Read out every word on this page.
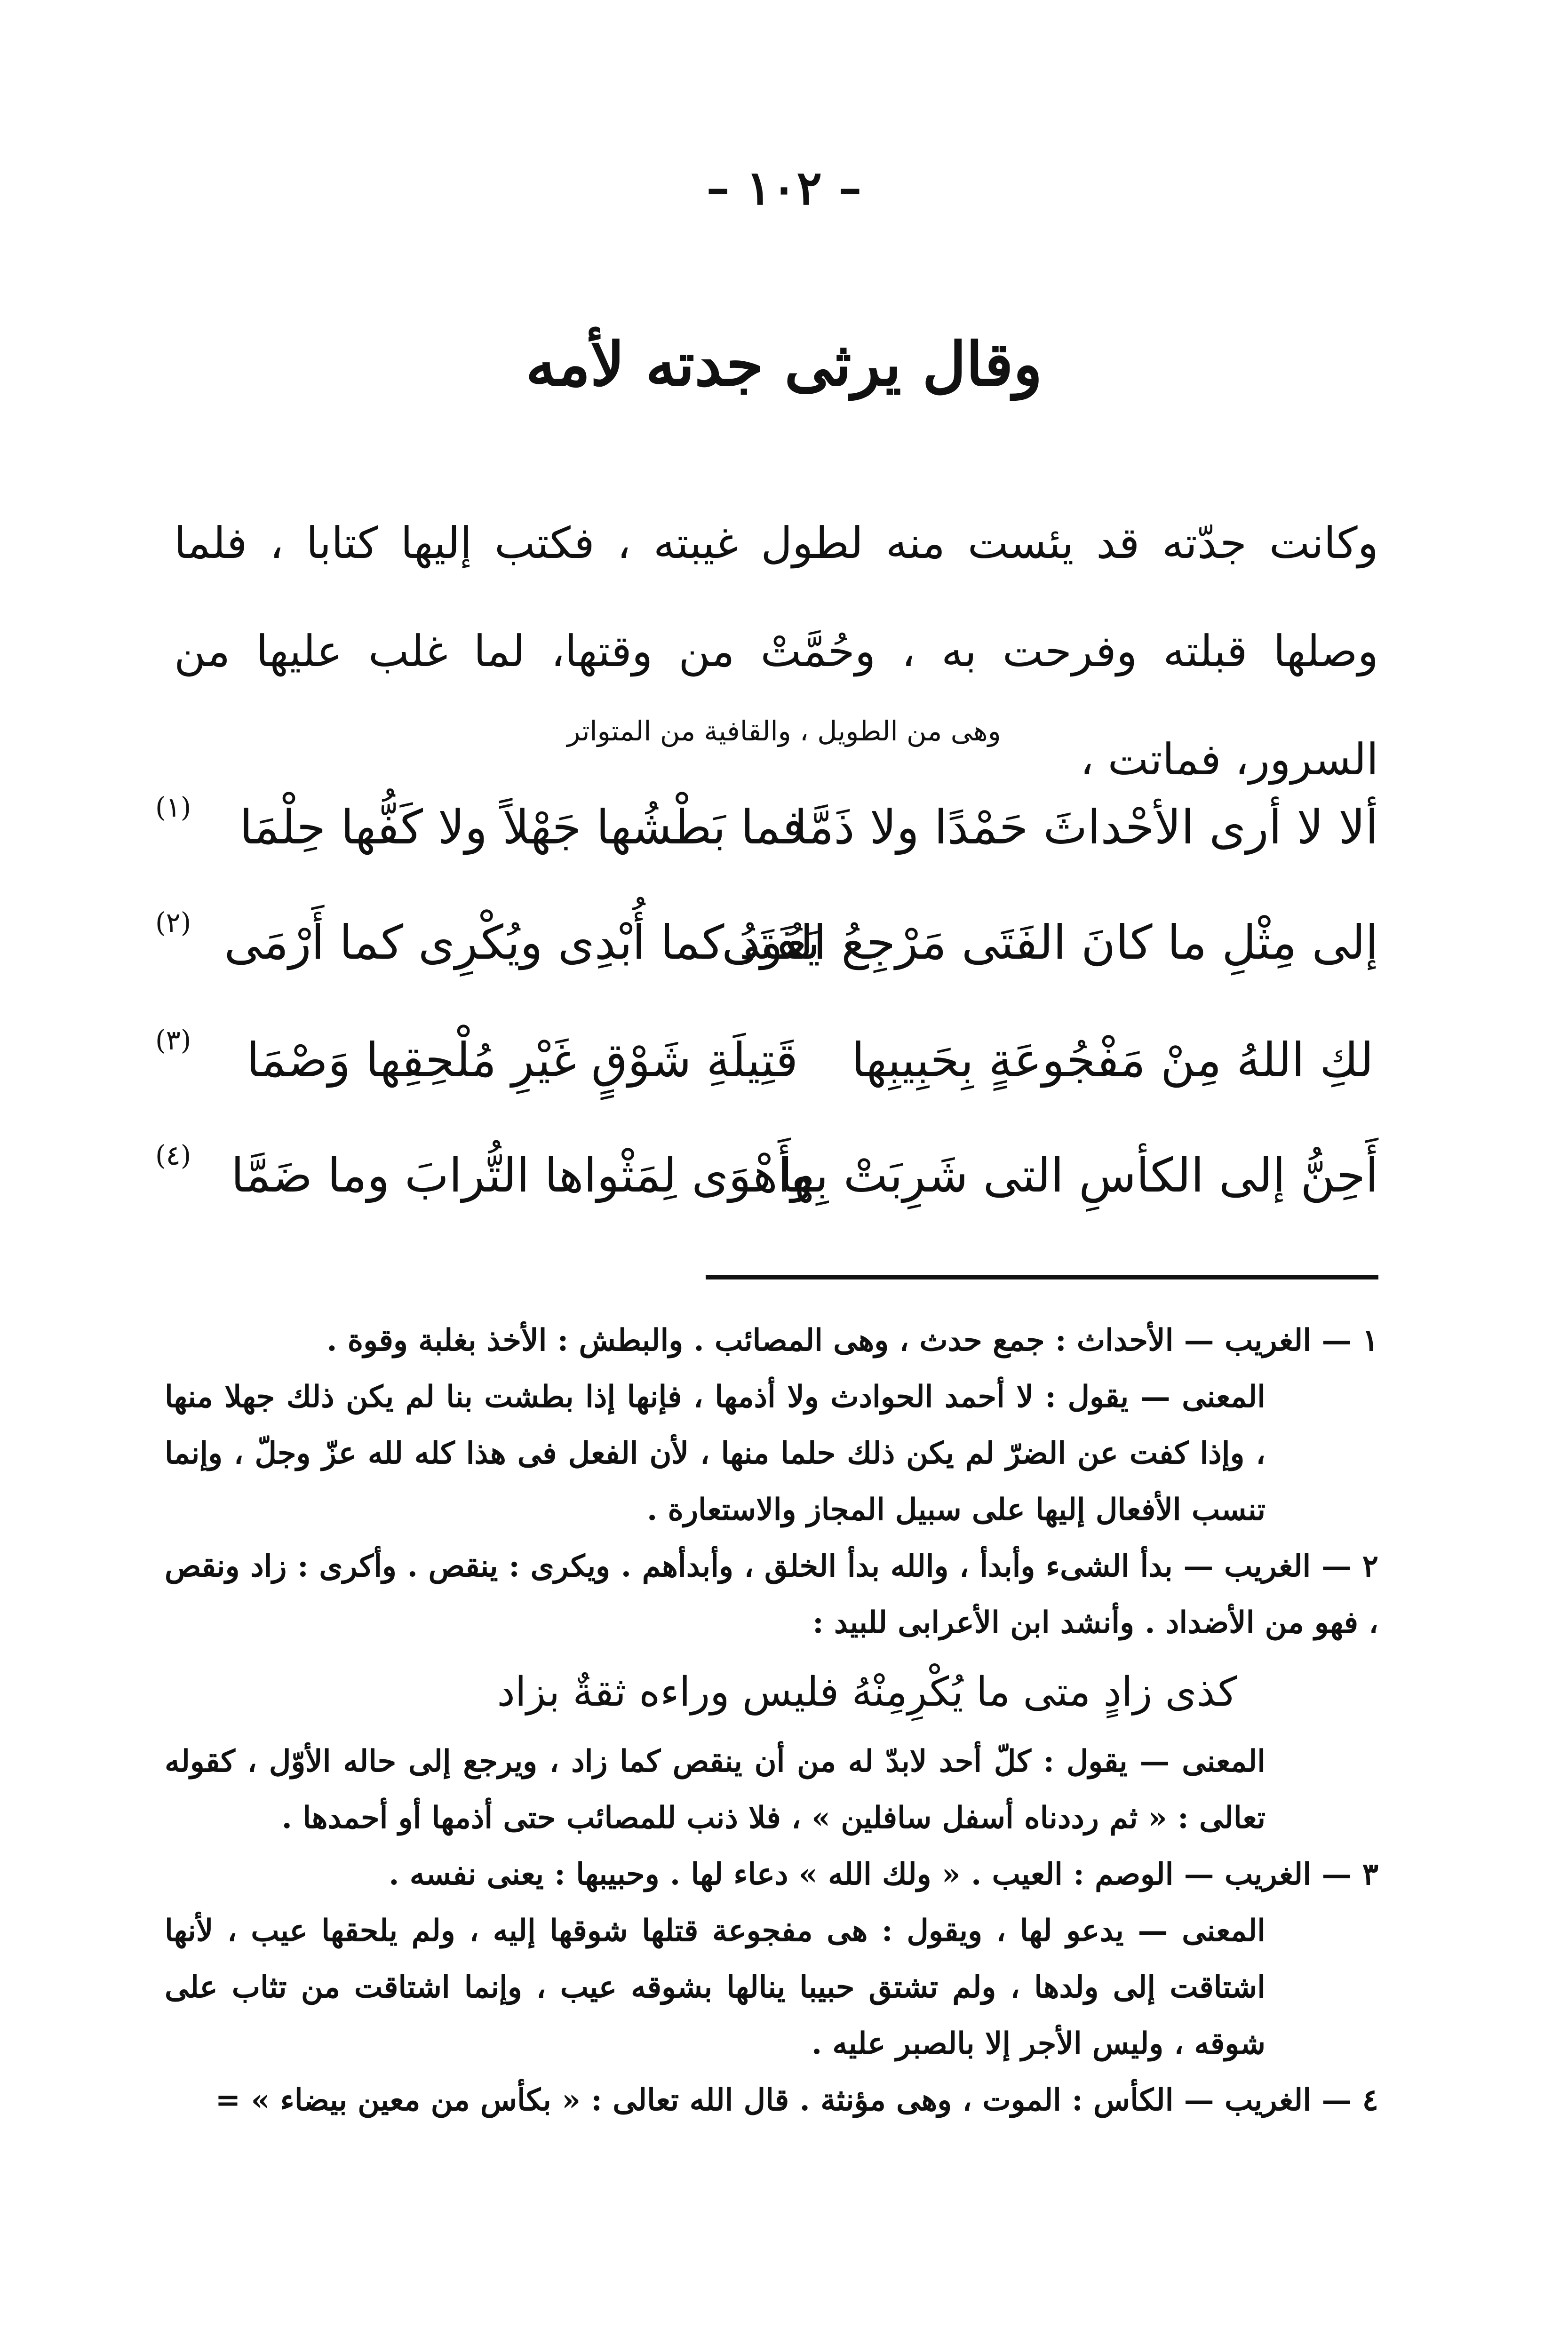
– ١٠٢ –
وقال يرثى جدته لأمه
وكانت جدّته قد يئست منه لطول غيبته ، فكتب إليها كتابا ، فلما وصلها قبلته وفرحت به ، وحُمَّتْ من وقتها، لما غلب عليها من السرور، فماتت ،
وهى من الطويل ، والقافية من المتواتر
ألا لا أرى الأحْداثَ حَمْدًا ولا ذَمَّا
فما بَطْشُها جَهْلاً ولا كَفُّها حِلْمَا
(١)
إلى مِثْلِ ما كانَ الفَتَى مَرْجِعُ الفَتَى
يَعُودُ كما أُبْدِى ويُكْرِى كما أَرْمَى
(٢)
لكِ اللهُ مِنْ مَفْجُوعَةٍ بِحَبِيبِها
قَتِيلَةِ شَوْقٍ غَيْرِ مُلْحِقِها وَصْمَا
(٣)
أَحِنُّ إلى الكأسِ التى شَرِبَتْ بِها
وأَهْوَى لِمَثْواها التُّرابَ وما ضَمَّا
(٤)

١ — الغريب — الأحداث : جمع حدث ، وهى المصائب . والبطش : الأخذ بغلبة وقوة .

المعنى — يقول : لا أحمد الحوادث ولا أذمها ، فإنها إذا بطشت بنا لم يكن ذلك جهلا منها ، وإذا كفت عن الضرّ لم يكن ذلك حلما منها ، لأن الفعل فى هذا كله لله عزّ وجلّ ، وإنما تنسب الأفعال إليها على سبيل المجاز والاستعارة .

٢ — الغريب — بدأ الشىء وأبدأ ، والله بدأ الخلق ، وأبدأهم . ويكرى : ينقص . وأكرى : زاد ونقص ، فهو من الأضداد . وأنشد ابن الأعرابى للبيد :

كذى زادٍ متى ما يُكْرِمِنْهُ فليس وراءه ثقةٌ بزاد

المعنى — يقول : كلّ أحد لابدّ له من أن ينقص كما زاد ، ويرجع إلى حاله الأوّل ، كقوله تعالى : « ثم رددناه أسفل سافلين » ، فلا ذنب للمصائب حتى أذمها أو أحمدها .

٣ — الغريب — الوصم : العيب . « ولك الله » دعاء لها . وحبيبها : يعنى نفسه .

المعنى — يدعو لها ، ويقول : هى مفجوعة قتلها شوقها إليه ، ولم يلحقها عيب ، لأنها اشتاقت إلى ولدها ، ولم تشتق حبيبا ينالها بشوقه عيب ، وإنما اشتاقت من تثاب على شوقه ، وليس الأجر إلا بالصبر عليه .

٤ — الغريب — الكأس : الموت ، وهى مؤنثة . قال الله تعالى : « بكأس من معين بيضاء » =
